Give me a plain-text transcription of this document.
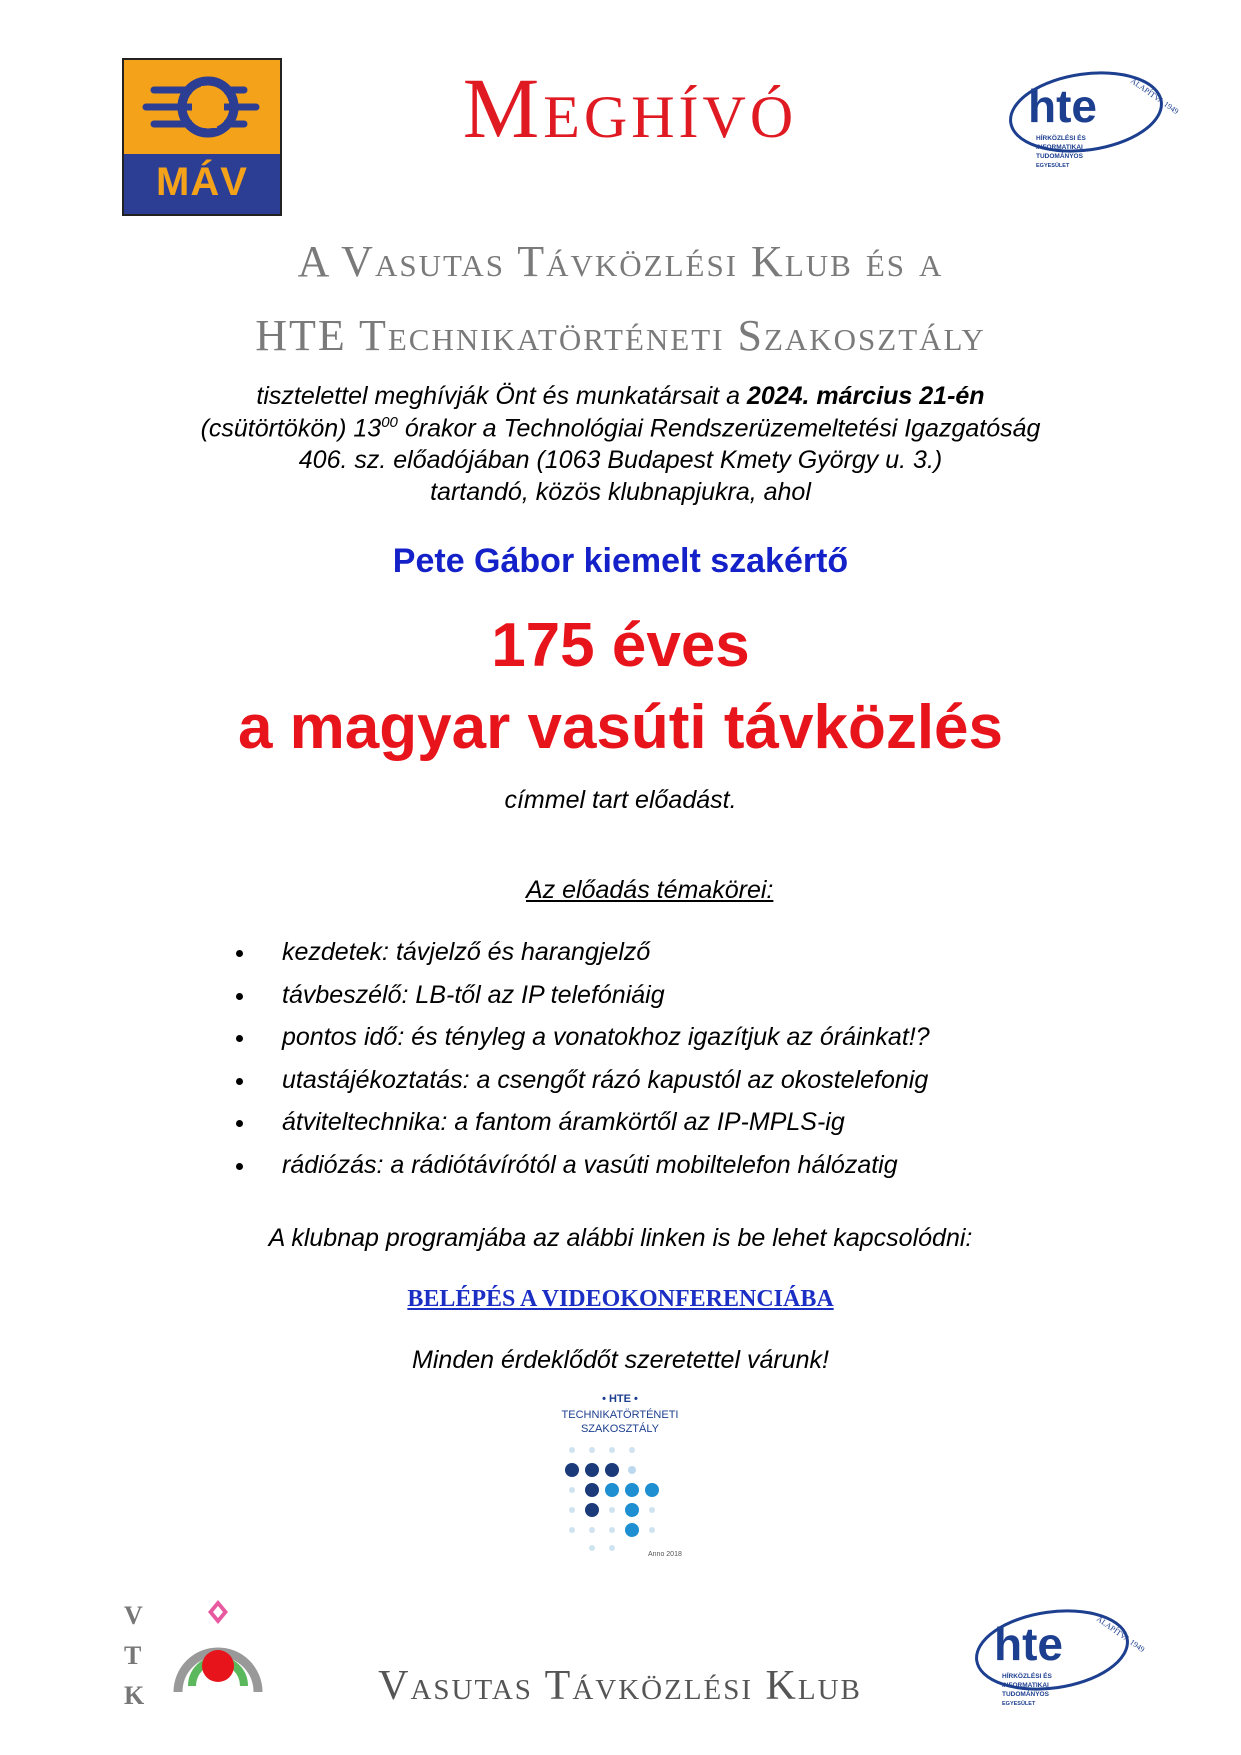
MÁV
Meghívó	hte	ALAPÍTVA 1949
HÍRKÖZLÉSI ÉS
INFORMATIKAI
TUDOMÁNYOS
EGYESÜLET
A Vasutas Távközlési Klub és a
HTE Technikatörténeti Szakosztály
tisztelettel meghívják Önt és munkatársait a 2024. március 21-én
(csütörtökön) $13^{00}$ órakor a Technológiai Rendszerüzemeltetési Igazgatóság
406. sz. előadójában (1063 Budapest Kmety György u. 3.)
tartandó, közös klubnapjukra, ahol
Pete Gábor kiemelt szakértő
175 éves
a magyar vasúti távközlés
címmel tart előadást.
Az előadás témakörei:
kezdetek: távjelző és harangjelző
távbeszélő: LB-től az IP telefóniáig
pontos idő: és tényleg a vonatokhoz igazítjuk az óráinkat!?
utastájékoztatás: a csengőt rázó kapustól az okostelefonig
átviteltechnika: a fantom áramkörtől az IP-MPLS-ig
rádiózás: a rádiótávírótól a vasúti mobiltelefon hálózatig
A klubnap programjába az alábbi linken is be lehet kapcsolódni:
BELÉPÉS A VIDEOKONFERENCIÁBA
Minden érdeklődőt szeretettel várunk!
• HTE •
TECHNIKATÖRTÉNETI
SZAKOSZTÁLY
Anno 2018
V
T
K
hte	ALAPÍTVA 1949
HÍRKÖZLÉSI ÉS
INFORMATIKAI
TUDOMÁNYOS
EGYESÜLET
Vasutas Távközlési Klub
